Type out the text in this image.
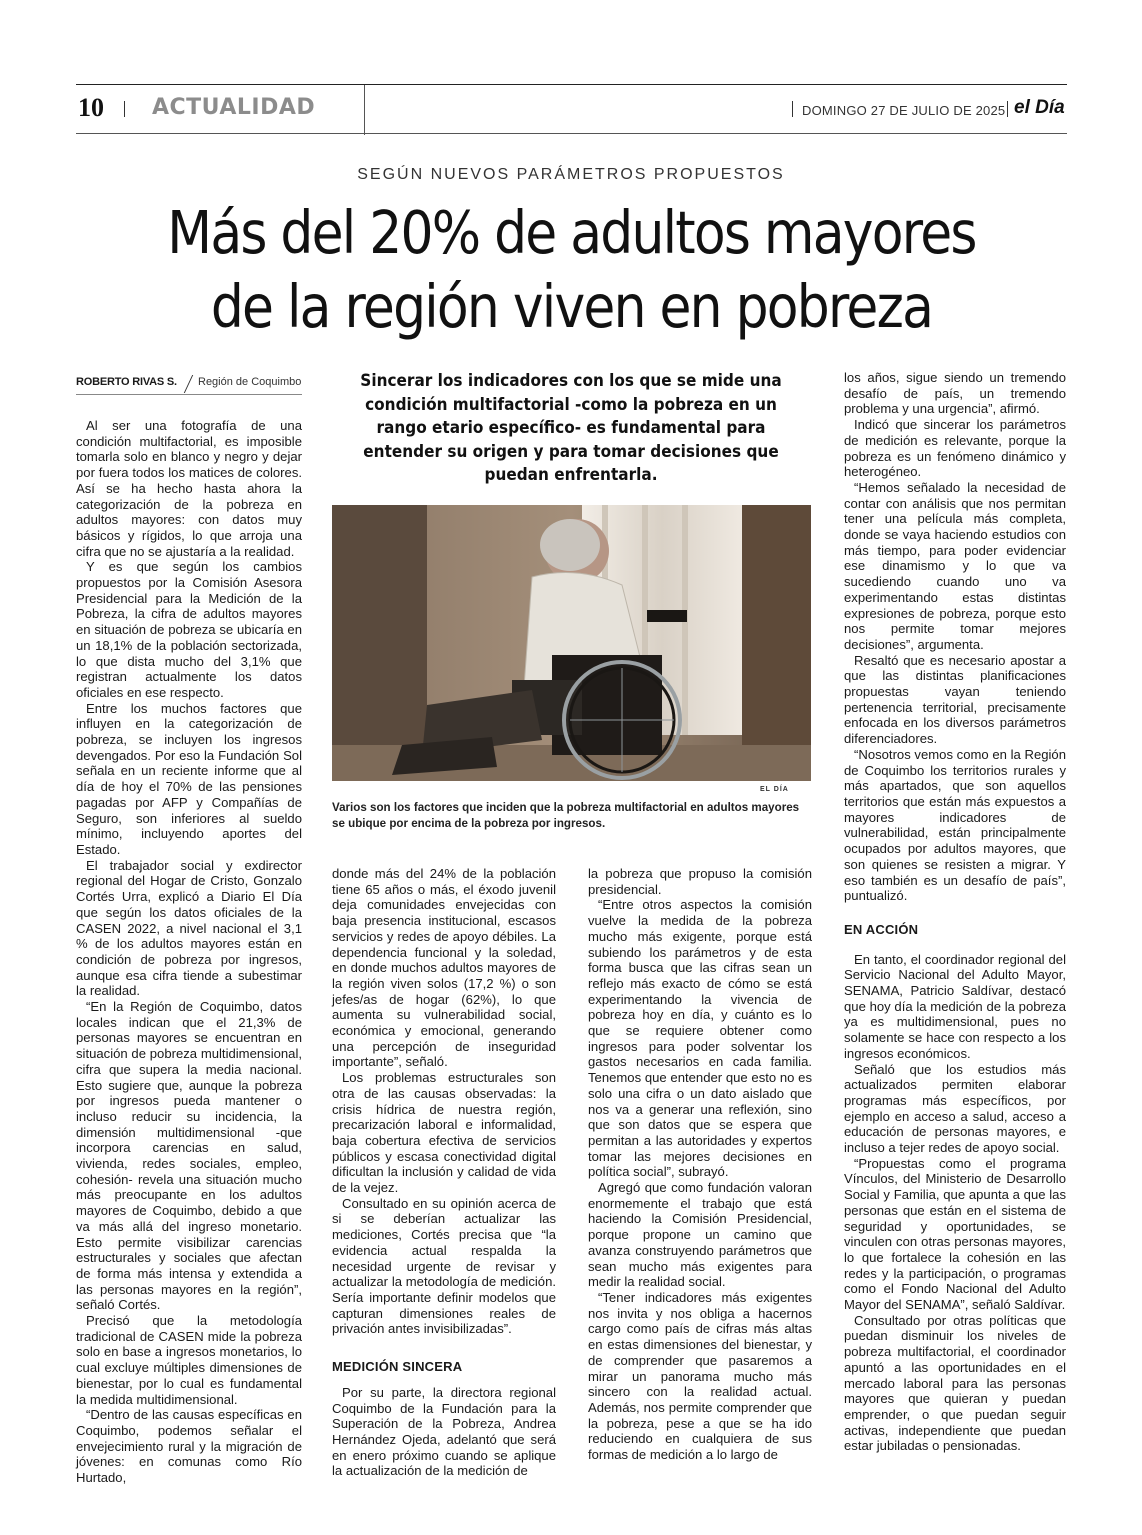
10 ACTUALIDAD	DOMINGO 27 DE JULIO DE 2025 el Día
SEGÚN NUEVOS PARÁMETROS PROPUESTOS
Más del 20% de adultos mayores
de la región viven en pobreza
ROBERTO RIVAS S. Región de Coquimbo

Al ser una fotografía de una condición multifactorial, es imposible tomarla solo en blanco y negro y dejar por fuera todos los matices de colores. Así se ha hecho hasta ahora la categorización de la pobreza en adultos mayores: con datos muy básicos y rígidos, lo que arroja una cifra que no se ajustaría a la realidad.

Y es que según los cambios propuestos por la Comisión Asesora Presidencial para la Medición de la Pobreza, la cifra de adultos mayores en situación de pobreza se ubicaría en un 18,1% de la población sectorizada, lo que dista mucho del 3,1% que registran actualmente los datos oficiales en ese respecto.

Entre los muchos factores que influyen en la categorización de pobreza, se incluyen los ingresos devengados. Por eso la Fundación Sol señala en un reciente informe que al día de hoy el 70% de las pensiones pagadas por AFP y Compañías de Seguro, son inferiores al sueldo mínimo, incluyendo aportes del Estado.

El trabajador social y exdirector regional del Hogar de Cristo, Gonzalo Cortés Urra, explicó a Diario El Día que según los datos oficiales de la CASEN 2022, a nivel nacional el 3,1 % de los adultos mayores están en condición de pobreza por ingresos, aunque esa cifra tiende a subestimar la realidad.

“En la Región de Coquimbo, datos locales indican que el 21,3% de personas mayores se encuentran en situación de pobreza multidimensional, cifra que supera la media nacional. Esto sugiere que, aunque la pobreza por ingresos pueda mantener o incluso reducir su incidencia, la dimensión multidimensional -que incorpora carencias en salud, vivienda, redes sociales, empleo, cohesión- revela una situación mucho más preocupante en los adultos mayores de Coquimbo, debido a que va más allá del ingreso monetario. Esto permite visibilizar carencias estructurales y sociales que afectan de forma más intensa y extendida a las personas mayores en la región”, señaló Cortés.

Precisó que la metodología tradicional de CASEN mide la pobreza solo en base a ingresos monetarios, lo cual excluye múltiples dimensiones de bienestar, por lo cual es fundamental la medida multidimensional.

“Dentro de las causas específicas en Coquimbo, podemos señalar el envejecimiento rural y la migración de jóvenes: en comunas como Río Hurtado,

Sincerar los indicadores con los que se mide una condición multifactorial -como la pobreza en un rango etario específico- es fundamental para entender su origen y para tomar decisiones que puedan enfrentarla.
EL DÍA
Varios son los factores que inciden que la pobreza multifactorial en adultos mayores se ubique por encima de la pobreza por ingresos.

donde más del 24% de la población tiene 65 años o más, el éxodo juvenil deja comunidades envejecidas con baja presencia institucional, escasos servicios y redes de apoyo débiles. La dependencia funcional y la soledad, en donde muchos adultos mayores de la región viven solos (17,2 %) o son jefes/as de hogar (62%), lo que aumenta su vulnerabilidad social, económica y emocional, generando una percepción de inseguridad importante”, señaló.

Los problemas estructurales son otra de las causas observadas: la crisis hídrica de nuestra región, precarización laboral e informalidad, baja cobertura efectiva de servicios públicos y escasa conectividad digital dificultan la inclusión y calidad de vida de la vejez.

Consultado en su opinión acerca de si se deberían actualizar las mediciones, Cortés precisa que “la evidencia actual respalda la necesidad urgente de revisar y actualizar la metodología de medición. Sería importante definir modelos que capturan dimensiones reales de privación antes invisibilizadas”.

MEDICIÓN SINCERA

Por su parte, la directora regional Coquimbo de la Fundación para la Superación de la Pobreza, Andrea Hernández Ojeda, adelantó que será en enero próximo cuando se aplique la actualización de la medición de

la pobreza que propuso la comisión presidencial.

“Entre otros aspectos la comisión vuelve la medida de la pobreza mucho más exigente, porque está subiendo los parámetros y de esta forma busca que las cifras sean un reflejo más exacto de cómo se está experimentando la vivencia de pobreza hoy en día, y cuánto es lo que se requiere obtener como ingresos para poder solventar los gastos necesarios en cada familia. Tenemos que entender que esto no es solo una cifra o un dato aislado que nos va a generar una reflexión, sino que son datos que se espera que permitan a las autoridades y expertos tomar las mejores decisiones en política social”, subrayó.

Agregó que como fundación valoran enormemente el trabajo que está haciendo la Comisión Presidencial, porque propone un camino que avanza construyendo parámetros que sean mucho más exigentes para medir la realidad social.

“Tener indicadores más exigentes nos invita y nos obliga a hacernos cargo como país de cifras más altas en estas dimensiones del bienestar, y de comprender que pasaremos a mirar un panorama mucho más sincero con la realidad actual. Además, nos permite comprender que la pobreza, pese a que se ha ido reduciendo en cualquiera de sus formas de medición a lo largo de

los años, sigue siendo un tremendo desafío de país, un tremendo problema y una urgencia”, afirmó.

Indicó que sincerar los parámetros de medición es relevante, porque la pobreza es un fenómeno dinámico y heterogéneo.

“Hemos señalado la necesidad de contar con análisis que nos permitan tener una película más completa, donde se vaya haciendo estudios con más tiempo, para poder evidenciar ese dinamismo y lo que va sucediendo cuando uno va experimentando estas distintas expresiones de pobreza, porque esto nos permite tomar mejores decisiones”, argumenta.

Resaltó que es necesario apostar a que las distintas planificaciones propuestas vayan teniendo pertenencia territorial, precisamente enfocada en los diversos parámetros diferenciadores.

“Nosotros vemos como en la Región de Coquimbo los territorios rurales y más apartados, que son aquellos territorios que están más expuestos a mayores indicadores de vulnerabilidad, están principalmente ocupados por adultos mayores, que son quienes se resisten a migrar. Y eso también es un desafío de país”, puntualizó.

EN ACCIÓN

En tanto, el coordinador regional del Servicio Nacional del Adulto Mayor, SENAMA, Patricio Saldívar, destacó que hoy día la medición de la pobreza ya es multidimensional, pues no solamente se hace con respecto a los ingresos económicos.

Señaló que los estudios más actualizados permiten elaborar programas más específicos, por ejemplo en acceso a salud, acceso a educación de personas mayores, e incluso a tejer redes de apoyo social.

“Propuestas como el programa Vínculos, del Ministerio de Desarrollo Social y Familia, que apunta a que las personas que están en el sistema de seguridad y oportunidades, se vinculen con otras personas mayores, lo que fortalece la cohesión en las redes y la participación, o programas como el Fondo Nacional del Adulto Mayor del SENAMA”, señaló Saldívar.

Consultado por otras políticas que puedan disminuir los niveles de pobreza multifactorial, el coordinador apuntó a las oportunidades en el mercado laboral para las personas mayores que quieran y puedan emprender, o que puedan seguir activas, independiente que puedan estar jubiladas o pensionadas.
